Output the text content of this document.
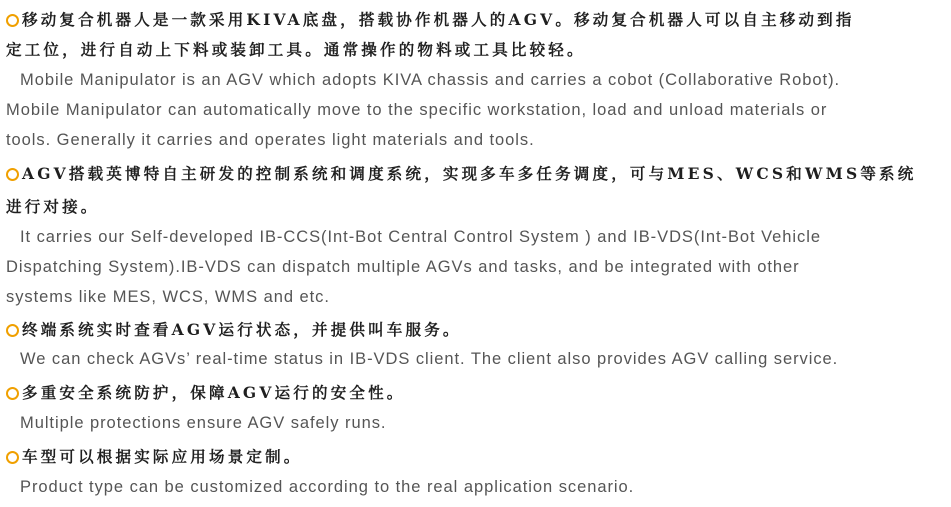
移动复合机器人是一款采用KIVA底盘，搭载协作机器人的AGV。移动复合机器人可以自主移动到指
定工位，进行自动上下料或装卸工具。通常操作的物料或工具比较轻。
Mobile Manipulator is an AGV which adopts KIVA chassis and carries a cobot (Collaborative Robot).
Mobile Manipulator can automatically move to the specific workstation, load and unload materials or
tools. Generally it carries and operates light materials and tools.
AGV搭载英博特自主研发的控制系统和调度系统，实现多车多任务调度，可与MES、WCS和WMS等系统
进行对接。
It carries our Self-developed IB-CCS(Int-Bot Central Control System ) and IB-VDS(Int-Bot Vehicle
Dispatching System).IB-VDS can dispatch multiple AGVs and tasks, and be integrated with other
systems like MES, WCS, WMS and etc.
终端系统实时查看AGV运行状态，并提供叫车服务。
We can check AGVs’ real-time status in IB-VDS client. The client also provides AGV calling service.
多重安全系统防护，保障AGV运行的安全性。
Multiple protections ensure AGV safely runs.
车型可以根据实际应用场景定制。
Product type can be customized according to the real application scenario.
